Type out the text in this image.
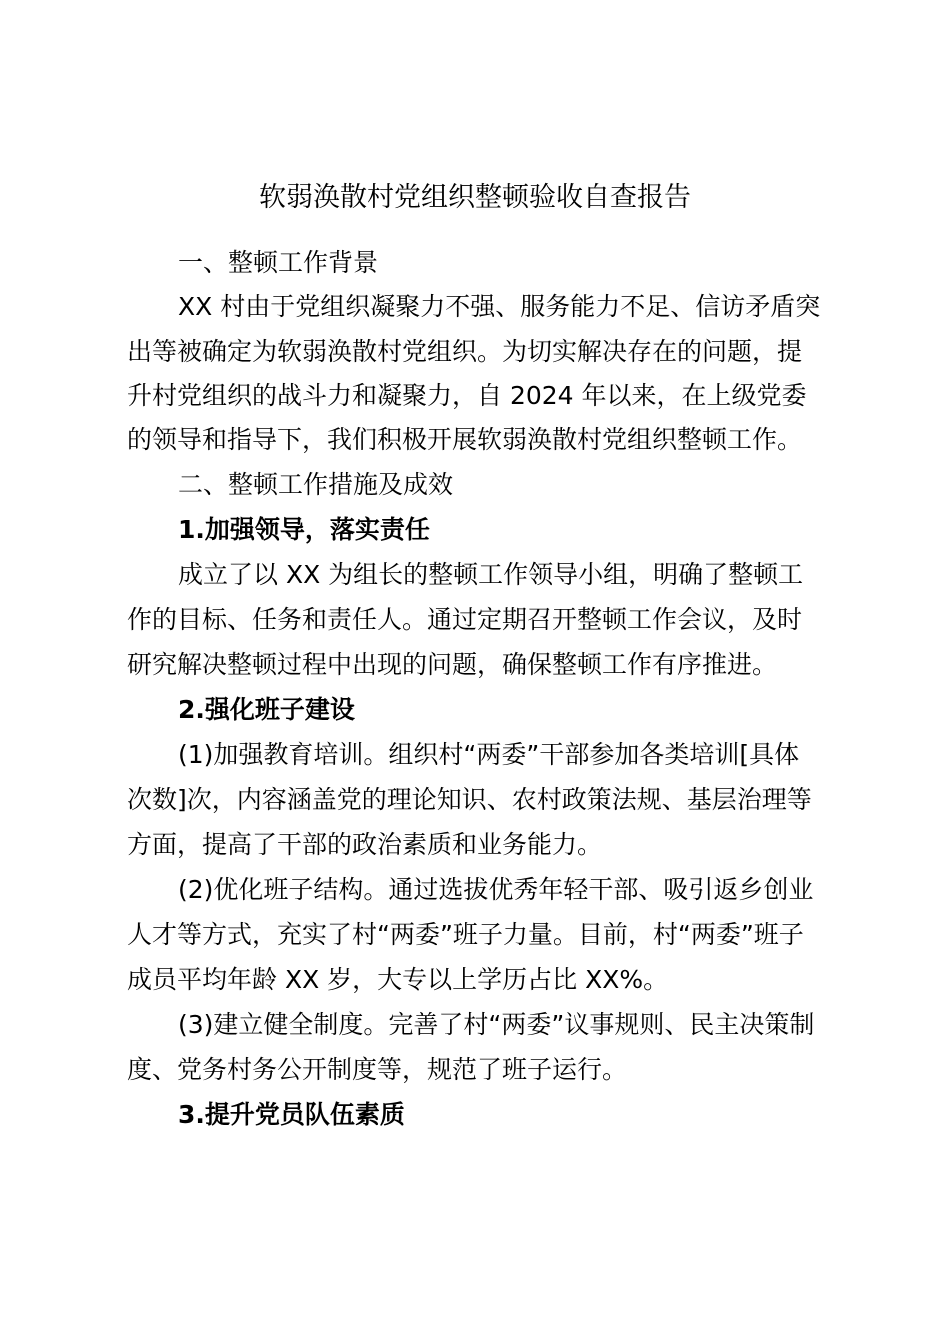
软弱涣散村党组织整顿验收自查报告
一、整顿工作背景
XX 村由于党组织凝聚力不强、服务能力不足、信访矛盾突
出等被确定为软弱涣散村党组织。为切实解决存在的问题，提
升村党组织的战斗力和凝聚力，自 2024 年以来，在上级党委
的领导和指导下，我们积极开展软弱涣散村党组织整顿工作。
二、整顿工作措施及成效
1.加强领导，落实责任
成立了以 XX 为组长的整顿工作领导小组，明确了整顿工
作的目标、任务和责任人。通过定期召开整顿工作会议，及时
研究解决整顿过程中出现的问题，确保整顿工作有序推进。
2.强化班子建设
(1)加强教育培训。组织村“两委”干部参加各类培训[具体
次数]次，内容涵盖党的理论知识、农村政策法规、基层治理等
方面，提高了干部的政治素质和业务能力。
(2)优化班子结构。通过选拔优秀年轻干部、吸引返乡创业
人才等方式，充实了村“两委”班子力量。目前，村“两委”班子
成员平均年龄 XX 岁，大专以上学历占比 XX%。
(3)建立健全制度。完善了村“两委”议事规则、民主决策制
度、党务村务公开制度等，规范了班子运行。
3.提升党员队伍素质
